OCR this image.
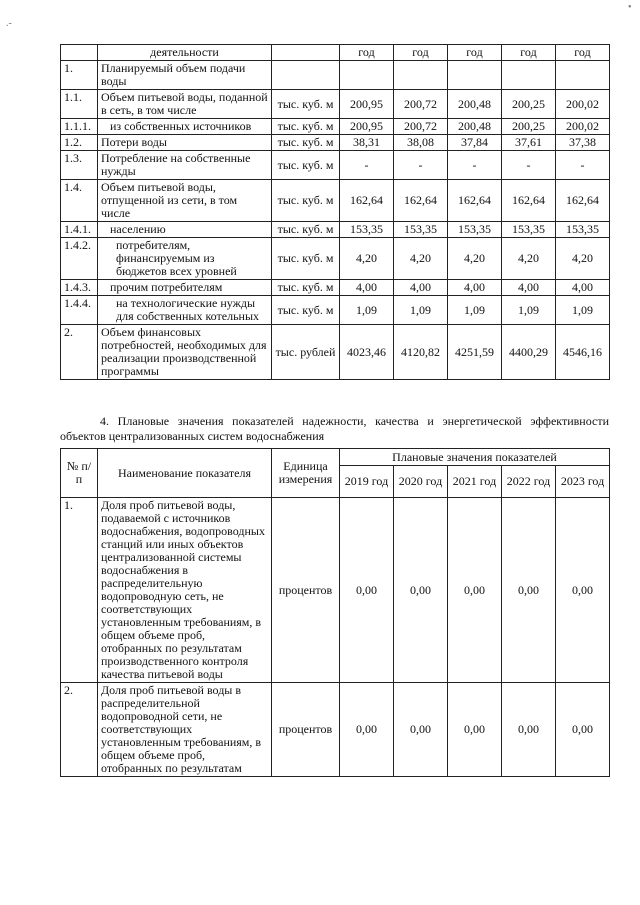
.-
•
	деятельности		год	год	год	год	год
1.	Планируемый объем подачи воды						
1.1.	Объем питьевой воды, поданной в сеть, в том числе	тыс. куб. м	200,95	200,72	200,48	200,25	200,02
1.1.1.	из собственных источников	тыс. куб. м	200,95	200,72	200,48	200,25	200,02
1.2.	Потери воды	тыс. куб. м	38,31	38,08	37,84	37,61	37,38
1.3.	Потребление на собственные нужды	тыс. куб. м	-	-	-	-	-
1.4.	Объем питьевой воды, отпущенной из сети, в том числе	тыс. куб. м	162,64	162,64	162,64	162,64	162,64
1.4.1.	населению	тыс. куб. м	153,35	153,35	153,35	153,35	153,35
1.4.2.	потребителям, финансируемым из бюджетов всех уровней	тыс. куб. м	4,20	4,20	4,20	4,20	4,20
1.4.3.	прочим потребителям	тыс. куб. м	4,00	4,00	4,00	4,00	4,00
1.4.4.	на технологические нужды для собственных котельных	тыс. куб. м	1,09	1,09	1,09	1,09	1,09
2.	Объем финансовых потребностей, необходимых для реализации производственной программы	тыс. рублей	4023,46	4120,82	4251,59	4400,29	4546,16
4. Плановые значения показателей надежности, качества и энергетической эффективности объектов централизованных систем водоснабжения
№ п/п	Наименование показателя	Единица измерения	Плановые значения показателей				
			2019 год	2020 год	2021 год	2022 год	2023 год
1.	Доля проб питьевой воды, подаваемой с источников водоснабжения, водопроводных станций или иных объектов централизованной системы водоснабжения в распределительную водопроводную сеть, не соответствующих установленным требованиям, в общем объеме проб, отобранных по результатам производственного контроля качества питьевой воды	процентов	0,00	0,00	0,00	0,00	0,00
2.	Доля проб питьевой воды в распределительной водопроводной сети, не соответствующих установленным требованиям, в общем объеме проб, отобранных по результатам	процентов	0,00	0,00	0,00	0,00	0,00
